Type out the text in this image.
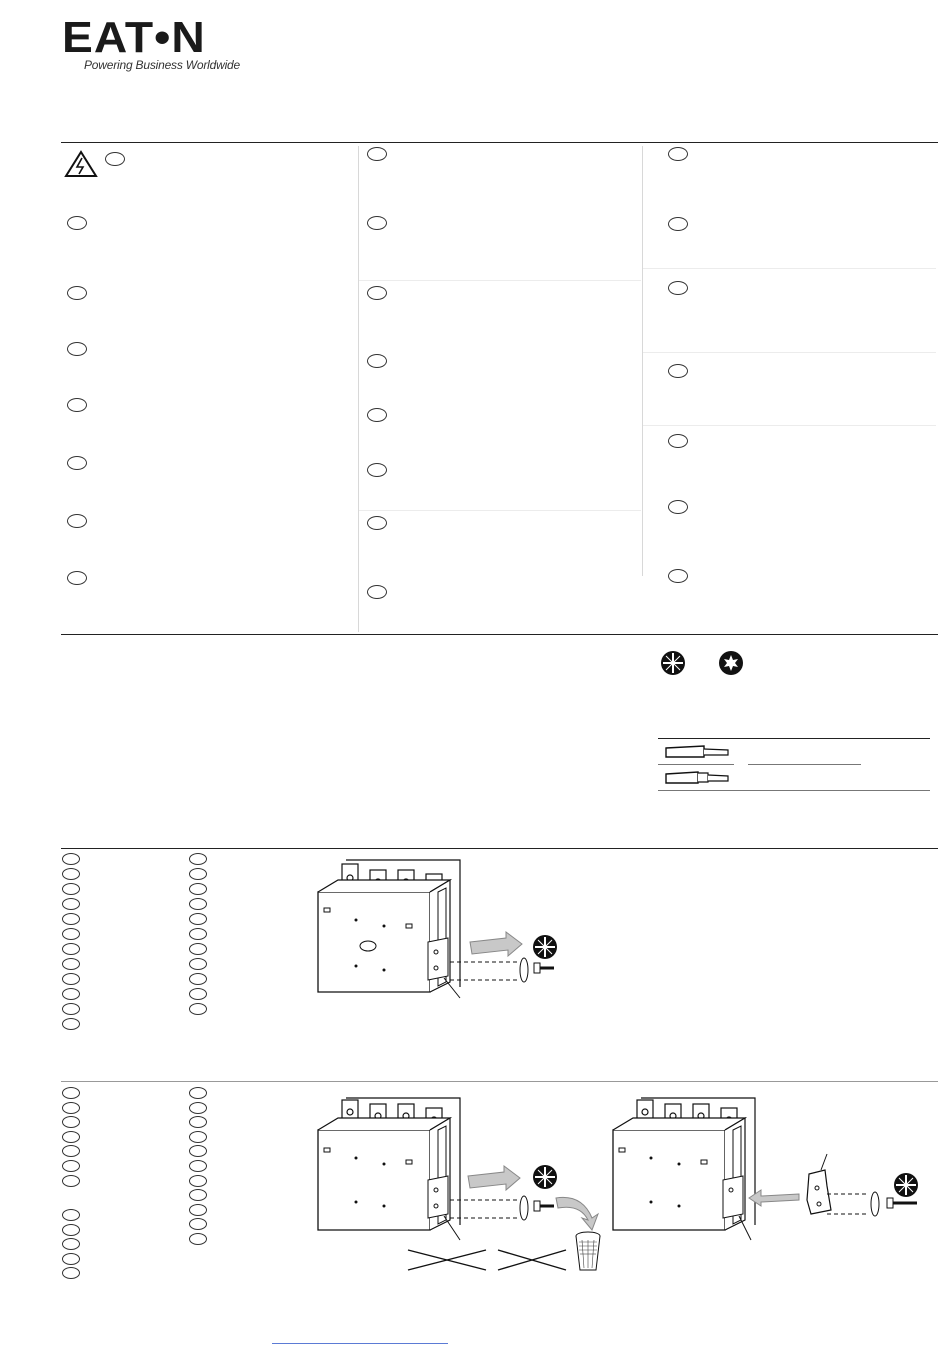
EAT•N
Powering Business Worldwide
